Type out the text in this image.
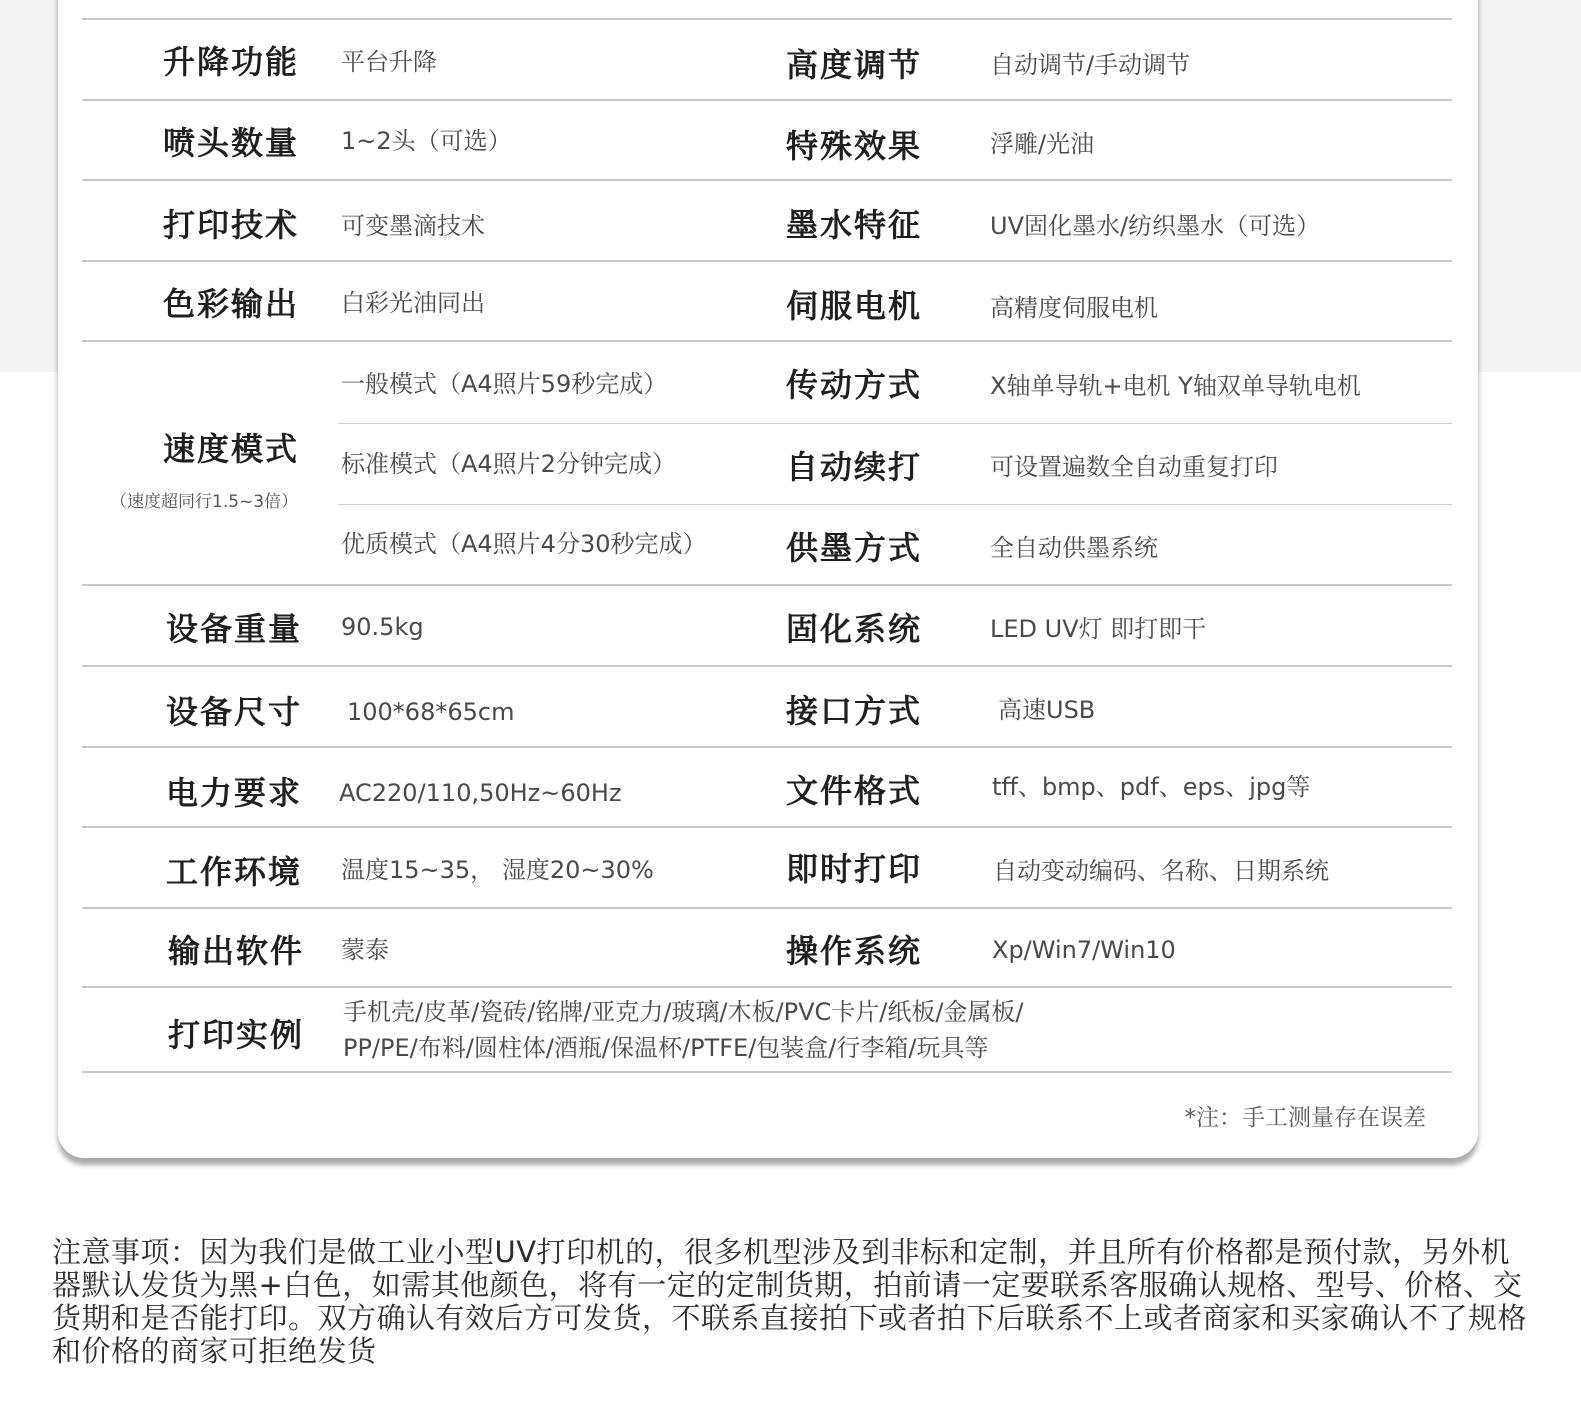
升降功能 平台升降	高度调节	自动调节/手动调节
喷头数量 1~2头（可选）	特殊效果	浮雕/光油
打印技术 可变墨滴技术	墨水特征	UV固化墨水/纺织墨水（可选）
色彩输出 白彩光油同出	伺服电机	高精度伺服电机
速度模式
（速度超同行1.5~3倍）
一般模式（A4照片59秒完成）	传动方式	X轴单导轨+电机 Y轴双单导轨电机
标准模式（A4照片2分钟完成）	自动续打	可设置遍数全自动重复打印
优质模式（A4照片4分30秒完成） 供墨方式	全自动供墨系统
设备重量 90.5kg	固化系统	LED UV灯 即打即干
设备尺寸 100*68*65cm	接口方式	高速USB
电力要求 AC220/110,50Hz~60Hz	文件格式	tff、bmp、pdf、eps、jpg等
工作环境 温度15~35， 湿度20~30%	即时打印	自动变动编码、名称、日期系统
输出软件 蒙泰	操作系统	Xp/Win7/Win10
打印实例
手机壳/皮革/瓷砖/铭牌/亚克力/玻璃/木板/PVC卡片/纸板/金属板/
PP/PE/布料/圆柱体/酒瓶/保温杯/PTFE/包装盒/行李箱/玩具等
*注：手工测量存在误差
注意事项：因为我们是做工业小型UV打印机的，很多机型涉及到非标和定制，并且所有价格都是预付款，另外机器默认发货为黑+白色，如需其他颜色，将有一定的定制货期，拍前请一定要联系客服确认规格、型号、价格、交货期和是否能打印。双方确认有效后方可发货，不联系直接拍下或者拍下后联系不上或者商家和买家确认不了规格和价格的商家可拒绝发货
